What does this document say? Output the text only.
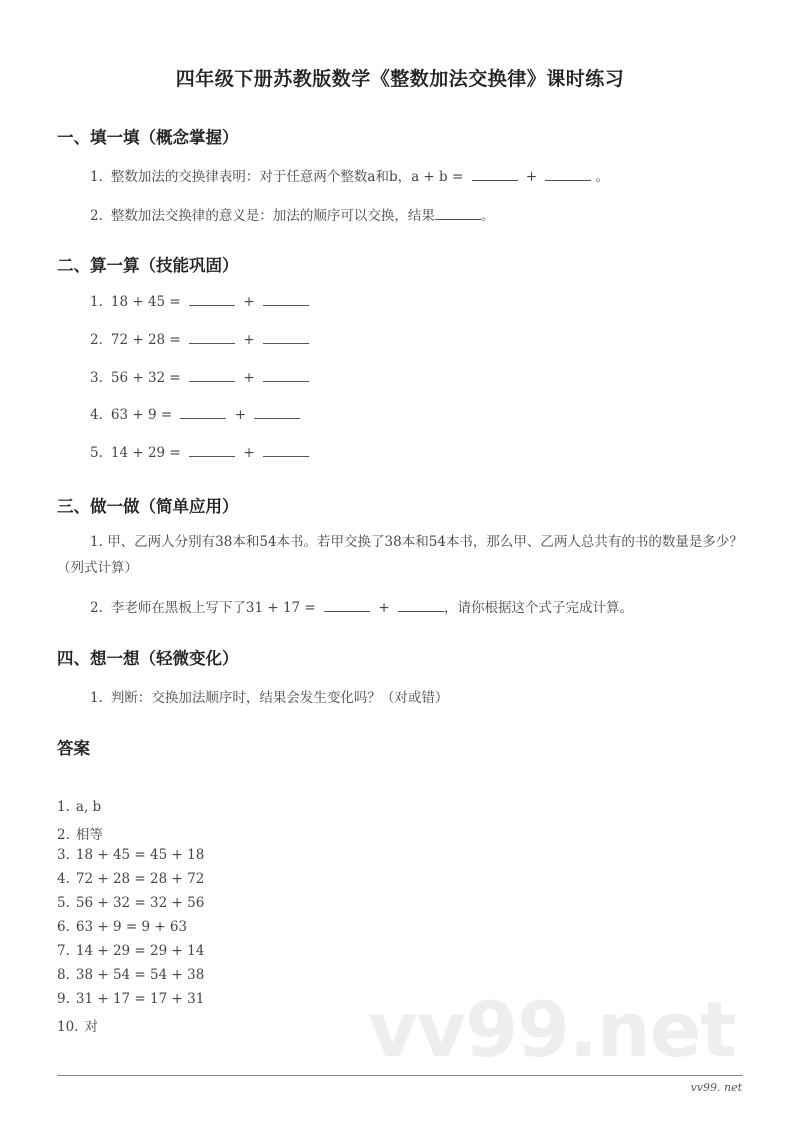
四年级下册苏教版数学《整数加法交换律》课时练习
一、填一填（概念掌握）
1. 整数加法的交换律表明：对于任意两个整数a和b，a + b =	+	。
2. 整数加法交换律的意义是：加法的顺序可以交换，结果	。
二、算一算（技能巩固）
1. 18 + 45 =	+
2. 72 + 28 =	+
3. 56 + 32 =	+
4. 63 + 9 =	+
5. 14 + 29 =	+
三、做一做（简单应用）
1. 甲、乙两人分别有38本和54本书。若甲交换了38本和54本书，那么甲、乙两人总共有的书的数量是多少？（列式计算）
2. 李老师在黑板上写下了31 + 17 =	+	，请你根据这个式子完成计算。
四、想一想（轻微变化）
1. 判断：交换加法顺序时，结果会发生变化吗？（对或错）
答案
1. a, b
2. 相等
3. 18 + 45 = 45 + 18
4. 72 + 28 = 28 + 72
5. 56 + 32 = 32 + 56
6. 63 + 9 = 9 + 63
7. 14 + 29 = 29 + 14
8. 38 + 54 = 54 + 38
9. 31 + 17 = 17 + 31
10. 对	vv99.net
vv99. net
